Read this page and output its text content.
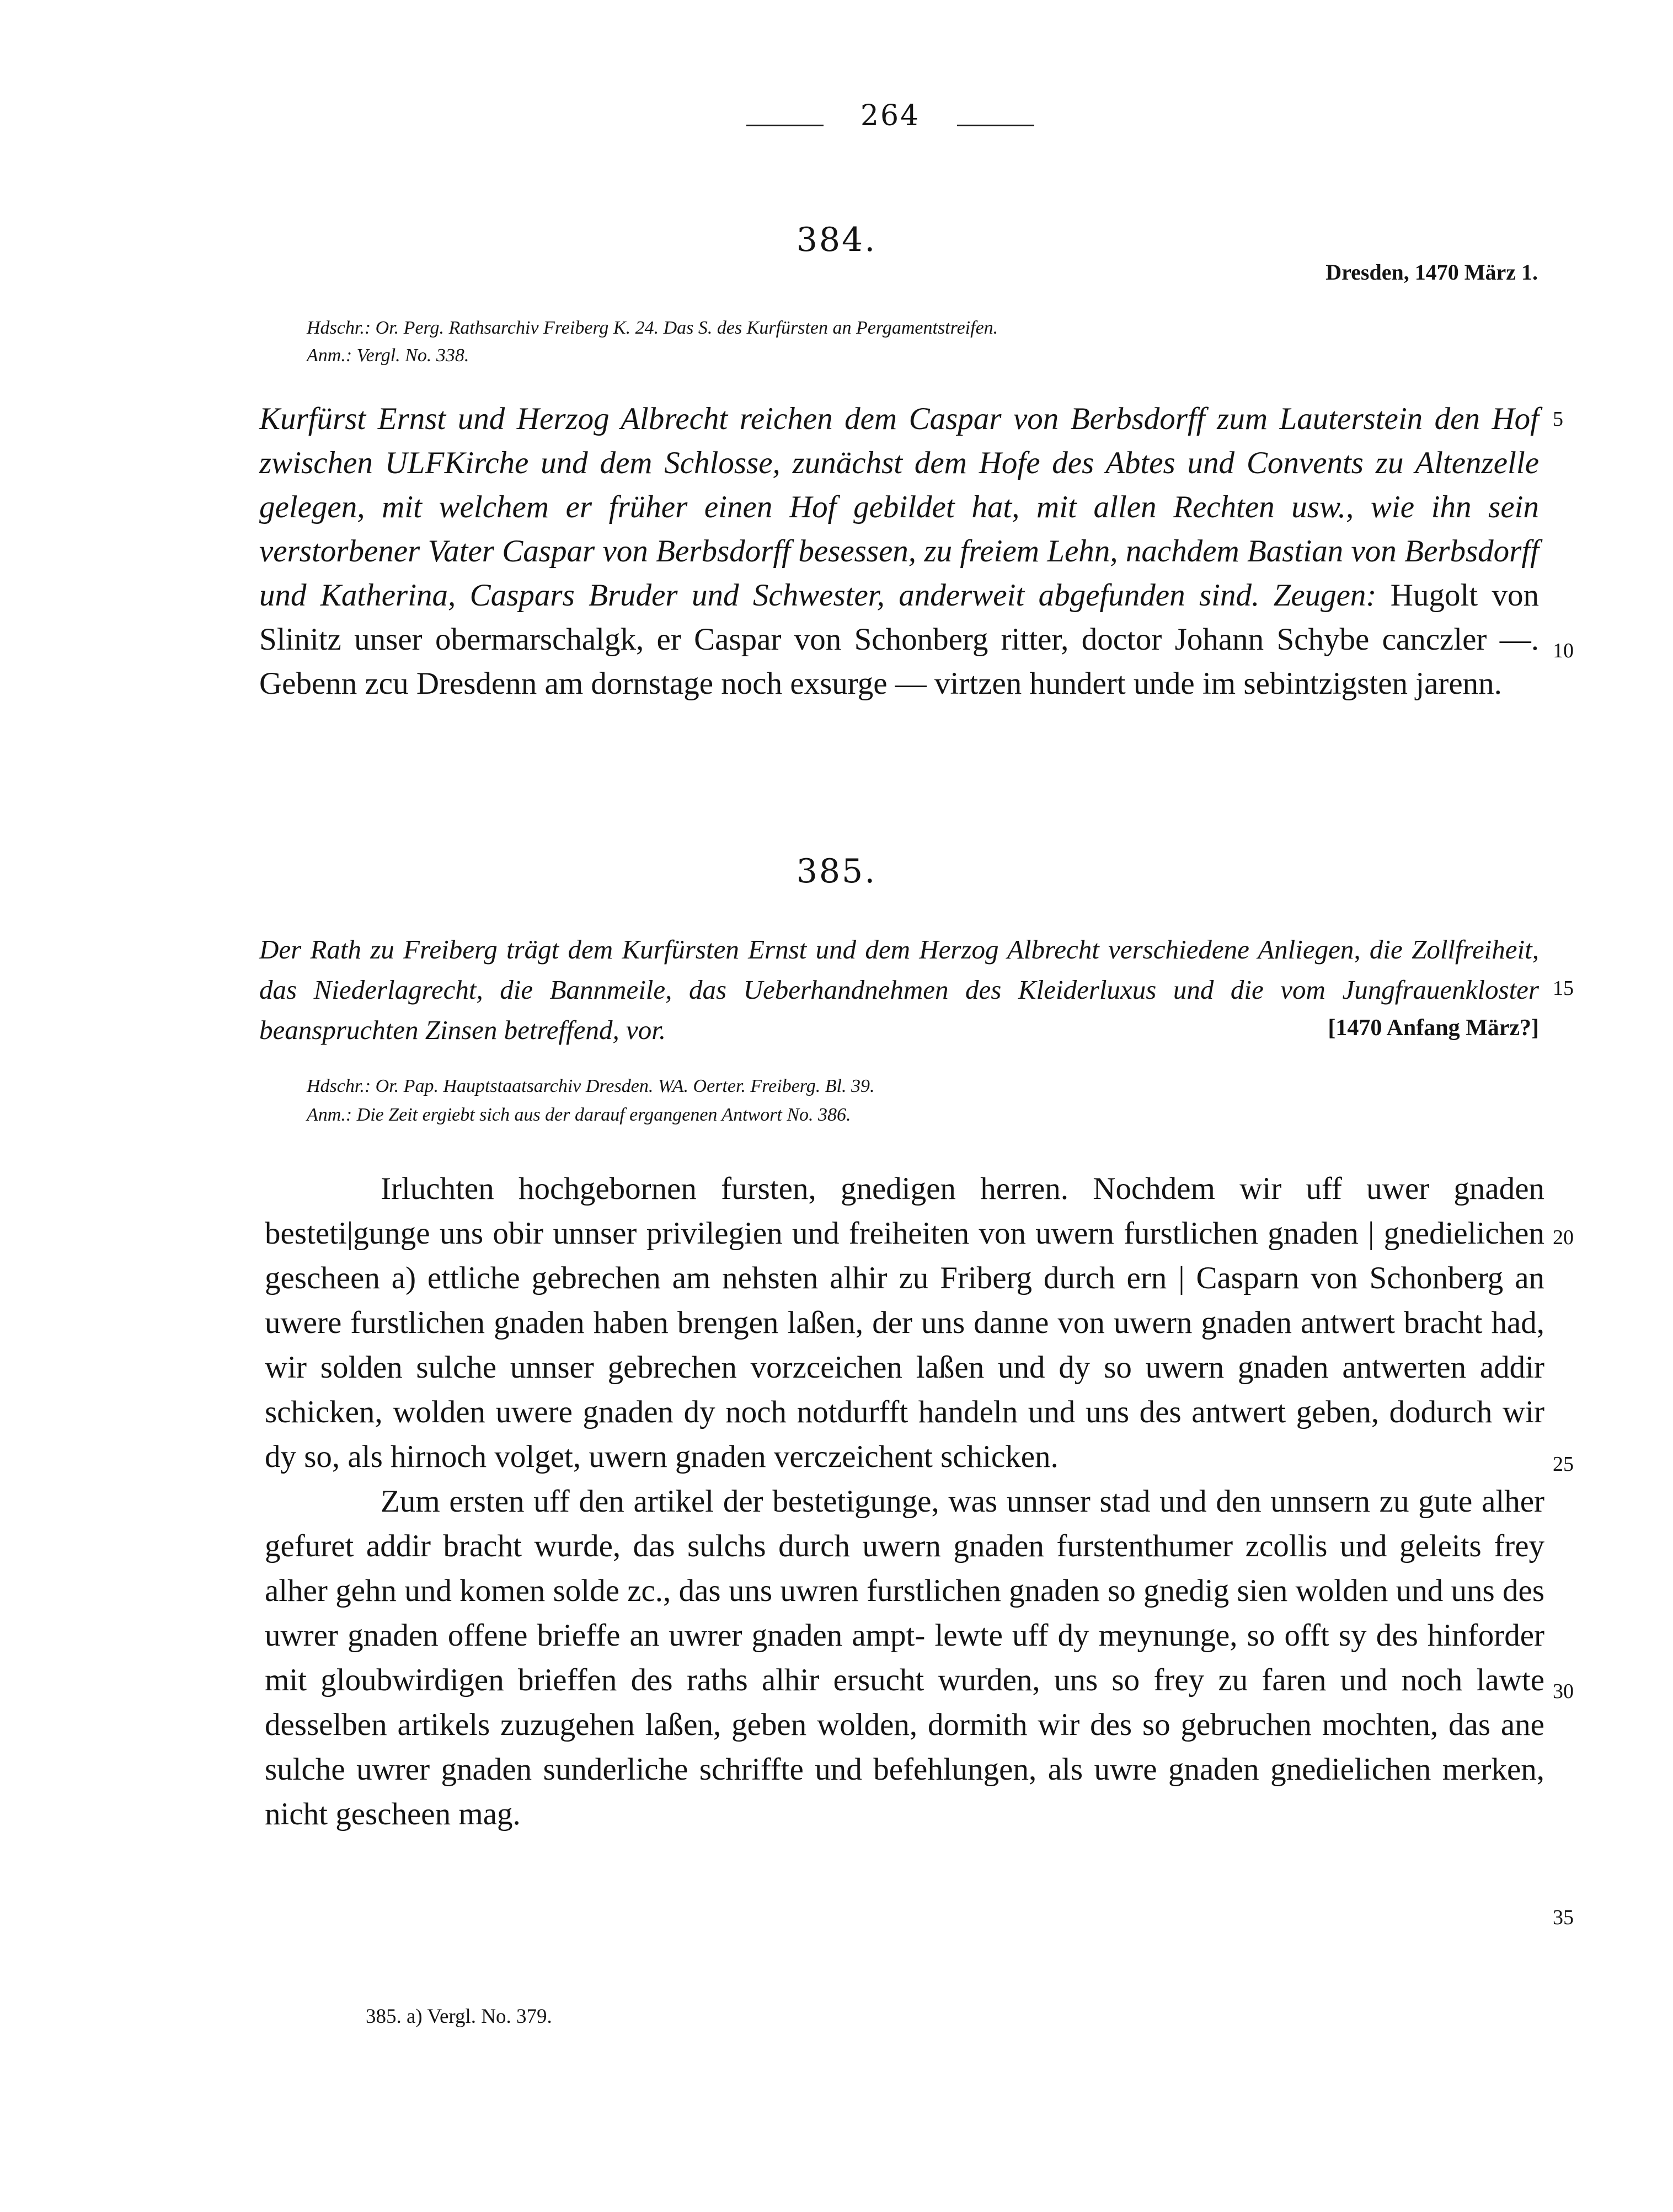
264
384.
Dresden, 1470 März 1.
Hdschr.: Or. Perg. Rathsarchiv Freiberg K. 24. Das S. des Kurfürsten an Pergamentstreifen.
Anm.: Vergl. No. 338.
Kurfürst Ernst und Herzog Albrecht reichen dem Caspar von Berbsdorff zum Lauterstein den Hof zwischen ULFKirche und dem Schlosse, zunächst dem Hofe des Abtes und Convents zu Altenzelle gelegen, mit welchem er früher einen Hof gebildet hat, mit allen Rechten usw., wie ihn sein verstorbener Vater Caspar von Berbsdorff besessen, zu freiem Lehn, nachdem Bastian von Berbsdorff und Katherina, Caspars Bruder und Schwester, anderweit abgefunden sind. Zeugen: Hugolt von Slinitz unser obermarschalgk, er Caspar von Schonberg ritter, doctor Johann Schybe canczler —. Gebenn zcu Dresdenn am dornstage noch exsurge — virtzen hundert unde im sebintzigsten jarenn.
385.
Der Rath zu Freiberg trägt dem Kurfürsten Ernst und dem Herzog Albrecht verschiedene Anliegen, die Zollfreiheit, das Niederlagrecht, die Bannmeile, das Ueberhandnehmen des Kleiderluxus und die vom Jungfrauenkloster beanspruchten Zinsen betreffend, vor.	[1470 Anfang März?]
Hdschr.: Or. Pap. Hauptstaatsarchiv Dresden. WA. Oerter. Freiberg. Bl. 39.
Anm.: Die Zeit ergiebt sich aus der darauf ergangenen Antwort No. 386.

Irluchten hochgebornen fursten, gnedigen herren. Nochdem wir uff uwer gnaden besteti|gunge uns obir unnser privilegien und freiheiten von uwern furstlichen gnaden | gnedielichen gescheen a) ettliche gebrechen am nehsten alhir zu Friberg durch ern | Casparn von Schonberg an uwere furstlichen gnaden haben brengen laßen, der uns danne von uwern gnaden antwert bracht had, wir solden sulche unnser gebrechen vorzceichen laßen und dy so uwern gnaden antwerten addir schicken, wolden uwere gnaden dy noch notdurfft handeln und uns des antwert geben, dodurch wir dy so, als hirnoch volget, uwern gnaden verczeichent schicken.

Zum ersten uff den artikel der bestetigunge, was unnser stad und den unnsern zu gute alher gefuret addir bracht wurde, das sulchs durch uwern gnaden furstenthumer zcollis und geleits frey alher gehn und komen solde zc., das uns uwren furstlichen gnaden so gnedig sien wolden und uns des uwrer gnaden offene brieffe an uwrer gnaden ampt- lewte uff dy meynunge, so offt sy des hinforder mit gloubwirdigen brieffen des raths alhir ersucht wurden, uns so frey zu faren und noch lawte desselben artikels zuzugehen laßen, geben wolden, dormith wir des so gebruchen mochten, das ane sulche uwrer gnaden sunderliche schriffte und befehlungen, als uwre gnaden gnedielichen merken, nicht gescheen mag.

5
10
15
20
25
30
35
385. a) Vergl. No. 379.
